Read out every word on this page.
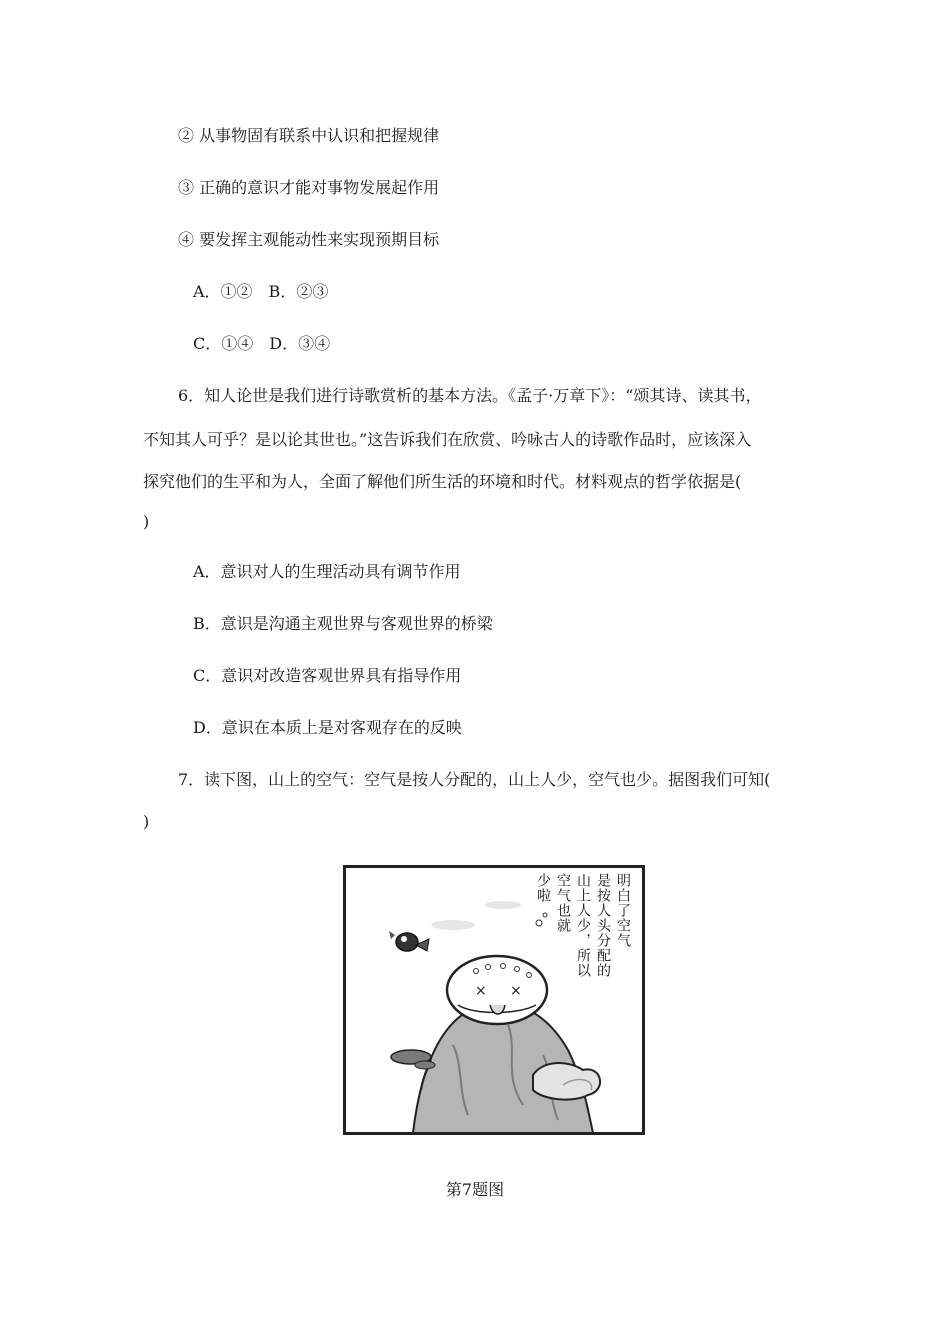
② 从事物固有联系中认识和把握规律
③ 正确的意识才能对事物发展起作用
④ 要发挥主观能动性来实现预期目标
A．①②　B．②③
C．①④　D．③④
6．知人论世是我们进行诗歌赏析的基本方法。《孟子·万章下》：“颂其诗、读其书，
不知其人可乎？是以论其世也。”这告诉我们在欣赏、吟咏古人的诗歌作品时，应该深入
探究他们的生平和为人，全面了解他们所生活的环境和时代。材料观点的哲学依据是(
)
A．意识对人的生理活动具有调节作用
B．意识是沟通主观世界与客观世界的桥梁
C．意识对改造客观世界具有指导作用
D．意识在本质上是对客观存在的反映
7．读下图，山上的空气：空气是按人分配的，山上人少，空气也少。据图我们可知(
)
× ×
明白了空气
是按人头分配的
山上人少，所以
空气也就
少啦
第7题图
